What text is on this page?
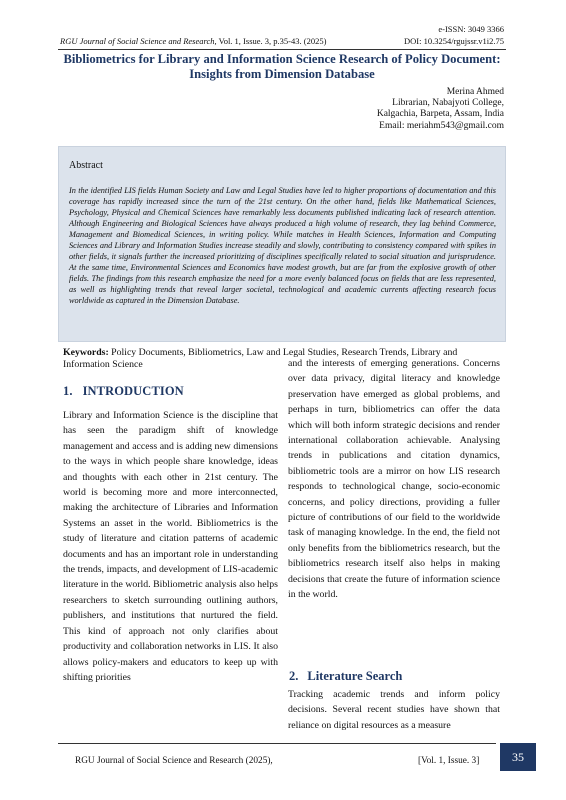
e-ISSN: 3049 3366
RGU Journal of Social Science and Research, Vol. 1, Issue. 3, p.35-43. (2025)	DOI: 10.3254/rgujssr.v1i2.75
Bibliometrics for Library and Information Science Research of Policy Document: Insights from Dimension Database
Merina Ahmed
Librarian, Nabajyoti College,
Kalgachia, Barpeta, Assam, India
Email: meriahm543@gmail.com
Abstract
In the identified LIS fields Human Society and Law and Legal Studies have led to higher proportions of documentation and this coverage has rapidly increased since the turn of the 21st century. On the other hand, fields like Mathematical Sciences, Psychology, Physical and Chemical Sciences have remarkably less documents published indicating lack of research attention. Although Engineering and Biological Sciences have always produced a high volume of research, they lag behind Commerce, Management and Biomedical Sciences, in writing policy. While matches in Health Sciences, Information and Computing Sciences and Library and Information Studies increase steadily and slowly, contributing to consistency compared with spikes in other fields, it signals further the increased prioritizing of disciplines specifically related to social situation and jurisprudence. At the same time, Environmental Sciences and Economics have modest growth, but are far from the explosive growth of other fields. The findings from this research emphasize the need for a more evenly balanced focus on fields that are less represented, as well as highlighting trends that reveal larger societal, technological and academic currents affecting research focus worldwide as captured in the Dimension Database.
Keywords: Policy Documents, Bibliometrics, Law and Legal Studies, Research Trends, Library and Information Science
1. INTRODUCTION
Library and Information Science is the discipline that has seen the paradigm shift of knowledge management and access and is adding new dimensions to the ways in which people share knowledge, ideas and thoughts with each other in 21st century. The world is becoming more and more interconnected, making the architecture of Libraries and Information Systems an asset in the world. Bibliometrics is the study of literature and citation patterns of academic documents and has an important role in understanding the trends, impacts, and development of LIS-academic literature in the world. Bibliometric analysis also helps researchers to sketch surrounding outlining authors, publishers, and institutions that nurtured the field. This kind of approach not only clarifies about productivity and collaboration networks in LIS. It also allows policy-makers and educators to keep up with shifting priorities
and the interests of emerging generations. Concerns over data privacy, digital literacy and knowledge preservation have emerged as global problems, and perhaps in turn, bibliometrics can offer the data which will both inform strategic decisions and render international collaboration achievable. Analysing trends in publications and citation dynamics, bibliometric tools are a mirror on how LIS research responds to technological change, socio-economic concerns, and policy directions, providing a fuller picture of contributions of our field to the worldwide task of managing knowledge. In the end, the field not only benefits from the bibliometrics research, but the bibliometrics research itself also helps in making decisions that create the future of information science in the world.
2. Literature Search
Tracking academic trends and inform policy decisions. Several recent studies have shown that reliance on digital resources as a measure
RGU Journal of Social Science and Research (2025),	[Vol. 1, Issue. 3]	35
